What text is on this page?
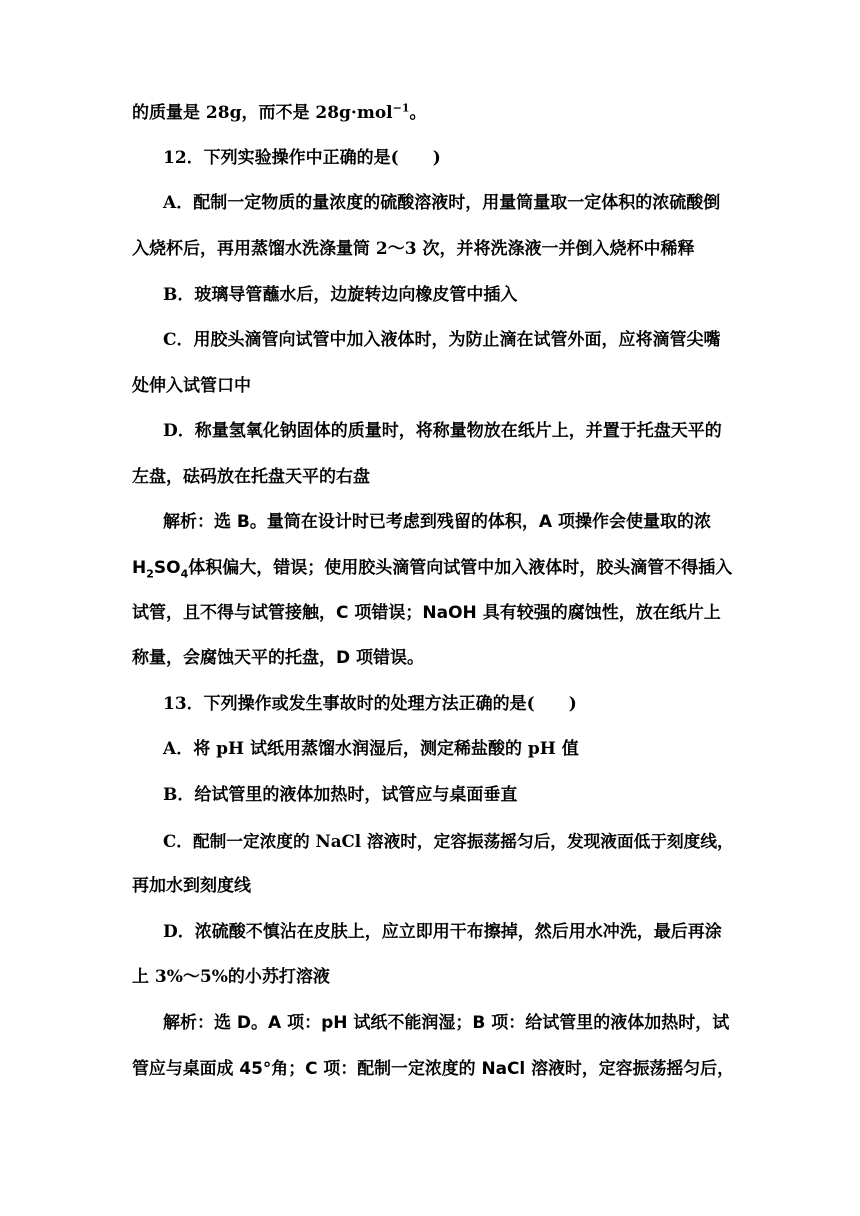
的质量是 28g，而不是 28g·mol$^{-1}$。
12．下列实验操作中正确的是(　　)
A．配制一定物质的量浓度的硫酸溶液时，用量筒量取一定体积的浓硫酸倒
入烧杯后，再用蒸馏水洗涤量筒 2～3 次，并将洗涤液一并倒入烧杯中稀释
B．玻璃导管蘸水后，边旋转边向橡皮管中插入
C．用胶头滴管向试管中加入液体时，为防止滴在试管外面，应将滴管尖嘴
处伸入试管口中
D．称量氢氧化钠固体的质量时，将称量物放在纸片上，并置于托盘天平的
左盘，砝码放在托盘天平的右盘
解析：选 B。量筒在设计时已考虑到残留的体积，A 项操作会使量取的浓
$H_2SO_4$体积偏大，错误；使用胶头滴管向试管中加入液体时，胶头滴管不得插入
试管，且不得与试管接触，C 项错误；NaOH 具有较强的腐蚀性，放在纸片上
称量，会腐蚀天平的托盘，D 项错误。
13．下列操作或发生事故时的处理方法正确的是(　　)
A．将 pH 试纸用蒸馏水润湿后，测定稀盐酸的 pH 值
B．给试管里的液体加热时，试管应与桌面垂直
C．配制一定浓度的 NaCl 溶液时，定容振荡摇匀后，发现液面低于刻度线，
再加水到刻度线
D．浓硫酸不慎沾在皮肤上，应立即用干布擦掉，然后用水冲洗，最后再涂
上 3%～5%的小苏打溶液
解析：选 D。A 项：pH 试纸不能润湿；B 项：给试管里的液体加热时，试
管应与桌面成 45°角；C 项：配制一定浓度的 NaCl 溶液时，定容振荡摇匀后，
